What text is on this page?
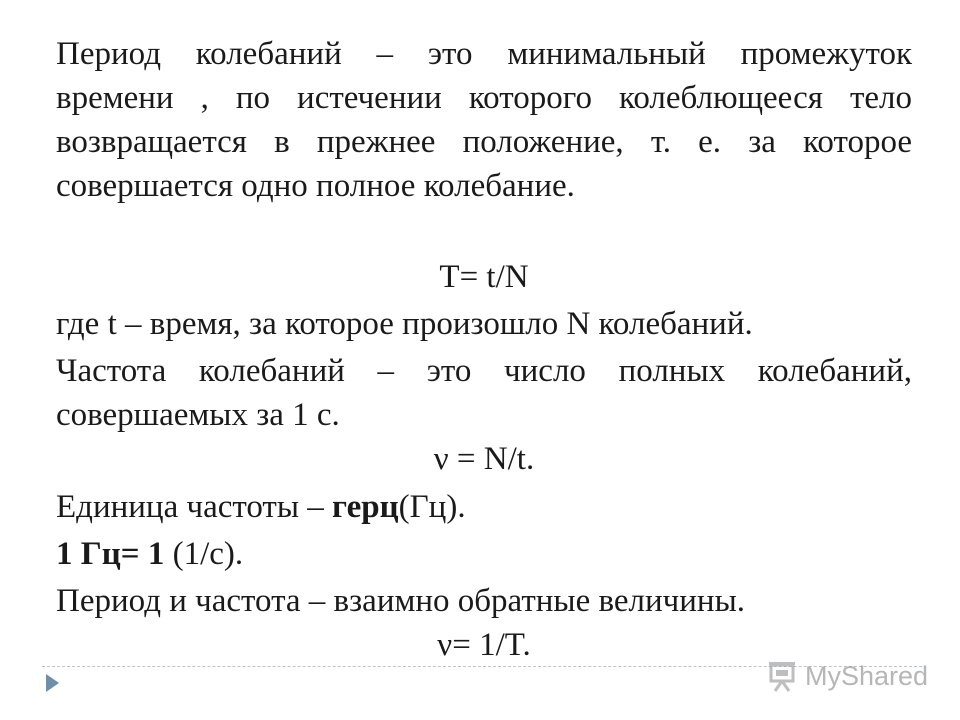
Период колебаний – это минимальный промежуток
времени , по истечении которого колеблющееся тело
возвращается в прежнее положение, т. е. за которое
совершается одно полное колебание.
T= t/N
где t – время, за которое произошло N колебаний.
Частота колебаний – это число полных колебаний,
совершаемых за 1 с.
ν = N/t.
Единица частоты – герц(Гц).
1 Гц= 1 (1/с).
Период и частота – взаимно обратные величины.
ν= 1/T.
MyShared
